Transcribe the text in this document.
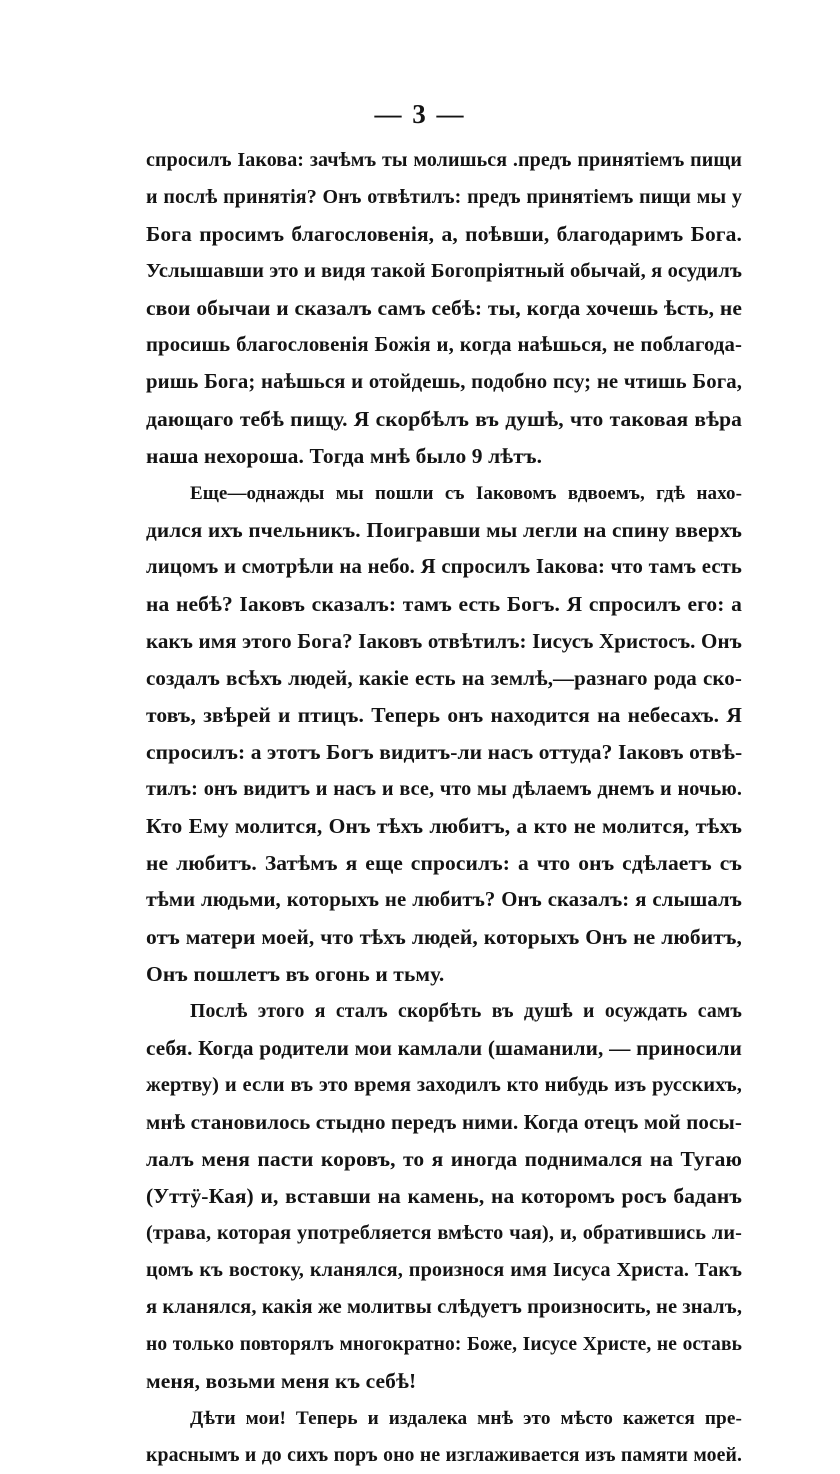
— 3 —
спросилъ Іакова: зачѣмъ ты молишься .предъ принятіемъ пищи
и послѣ принятія? Онъ отвѣтилъ: предъ принятіемъ пищи мы у
Бога просимъ благословенія, а, поѣвши, благодаримъ Бога.
Услышавши это и видя такой Богопріятный обычай, я осудилъ
свои обычаи и сказалъ самъ себѣ: ты, когда хочешь ѣсть, не
просишь благословенія Божія и, когда наѣшься, не поблагода-
ришь Бога; наѣшься и отойдешь, подобно псу; не чтишь Бога,
дающаго тебѣ пищу. Я скорбѣлъ въ душѣ, что таковая вѣра
наша нехороша. Тогда мнѣ было 9 лѣтъ.
Еще—однажды мы пошли съ Іаковомъ вдвоемъ, гдѣ нахо-
дился ихъ пчельникъ. Поигравши мы легли на спину вверхъ
лицомъ и смотрѣли на небо. Я спросилъ Іакова: что тамъ есть
на небѣ? Іаковъ сказалъ: тамъ есть Богъ. Я спросилъ его: а
какъ имя этого Бога? Іаковъ отвѣтилъ: Іисусъ Христосъ. Онъ
создалъ всѣхъ людей, какіе есть на землѣ,—разнаго рода ско-
товъ, звѣрей и птицъ. Теперь онъ находится на небесахъ. Я
спросилъ: а этотъ Богъ видитъ-ли насъ оттуда? Іаковъ отвѣ-
тилъ: онъ видитъ и насъ и все, что мы дѣлаемъ днемъ и ночью.
Кто Ему молится, Онъ тѣхъ любитъ, а кто не молится, тѣхъ
не любитъ. Затѣмъ я еще спросилъ: а что онъ сдѣлаетъ съ
тѣми людьми, которыхъ не любитъ? Онъ сказалъ: я слышалъ
отъ матери моей, что тѣхъ людей, которыхъ Онъ не любитъ,
Онъ пошлетъ въ огонь и тьму.
Послѣ этого я сталъ скорбѣть въ душѣ и осуждать самъ
себя. Когда родители мои камлали (шаманили, — приносили
жертву) и если въ это время заходилъ кто нибудь изъ русскихъ,
мнѣ становилось стыдно передъ ними. Когда отецъ мой посы-
лалъ меня пасти коровъ, то я иногда поднимался на Тугаю
(Уттӱ-Кая) и, вставши на камень, на которомъ росъ баданъ
(трава, которая употребляется вмѣсто чая), и, обратившись ли-
цомъ къ востоку, кланялся, произнося имя Іисуса Христа. Такъ
я кланялся, какія же молитвы слѣдуетъ произносить, не зналъ,
но только повторялъ многократно: Боже, Іисусе Христе, не оставь
меня, возьми меня къ себѣ!
Дѣти мои! Теперь и издалека мнѣ это мѣсто кажется пре-
краснымъ и до сихъ поръ оно не изглаживается изъ памяти моей.
